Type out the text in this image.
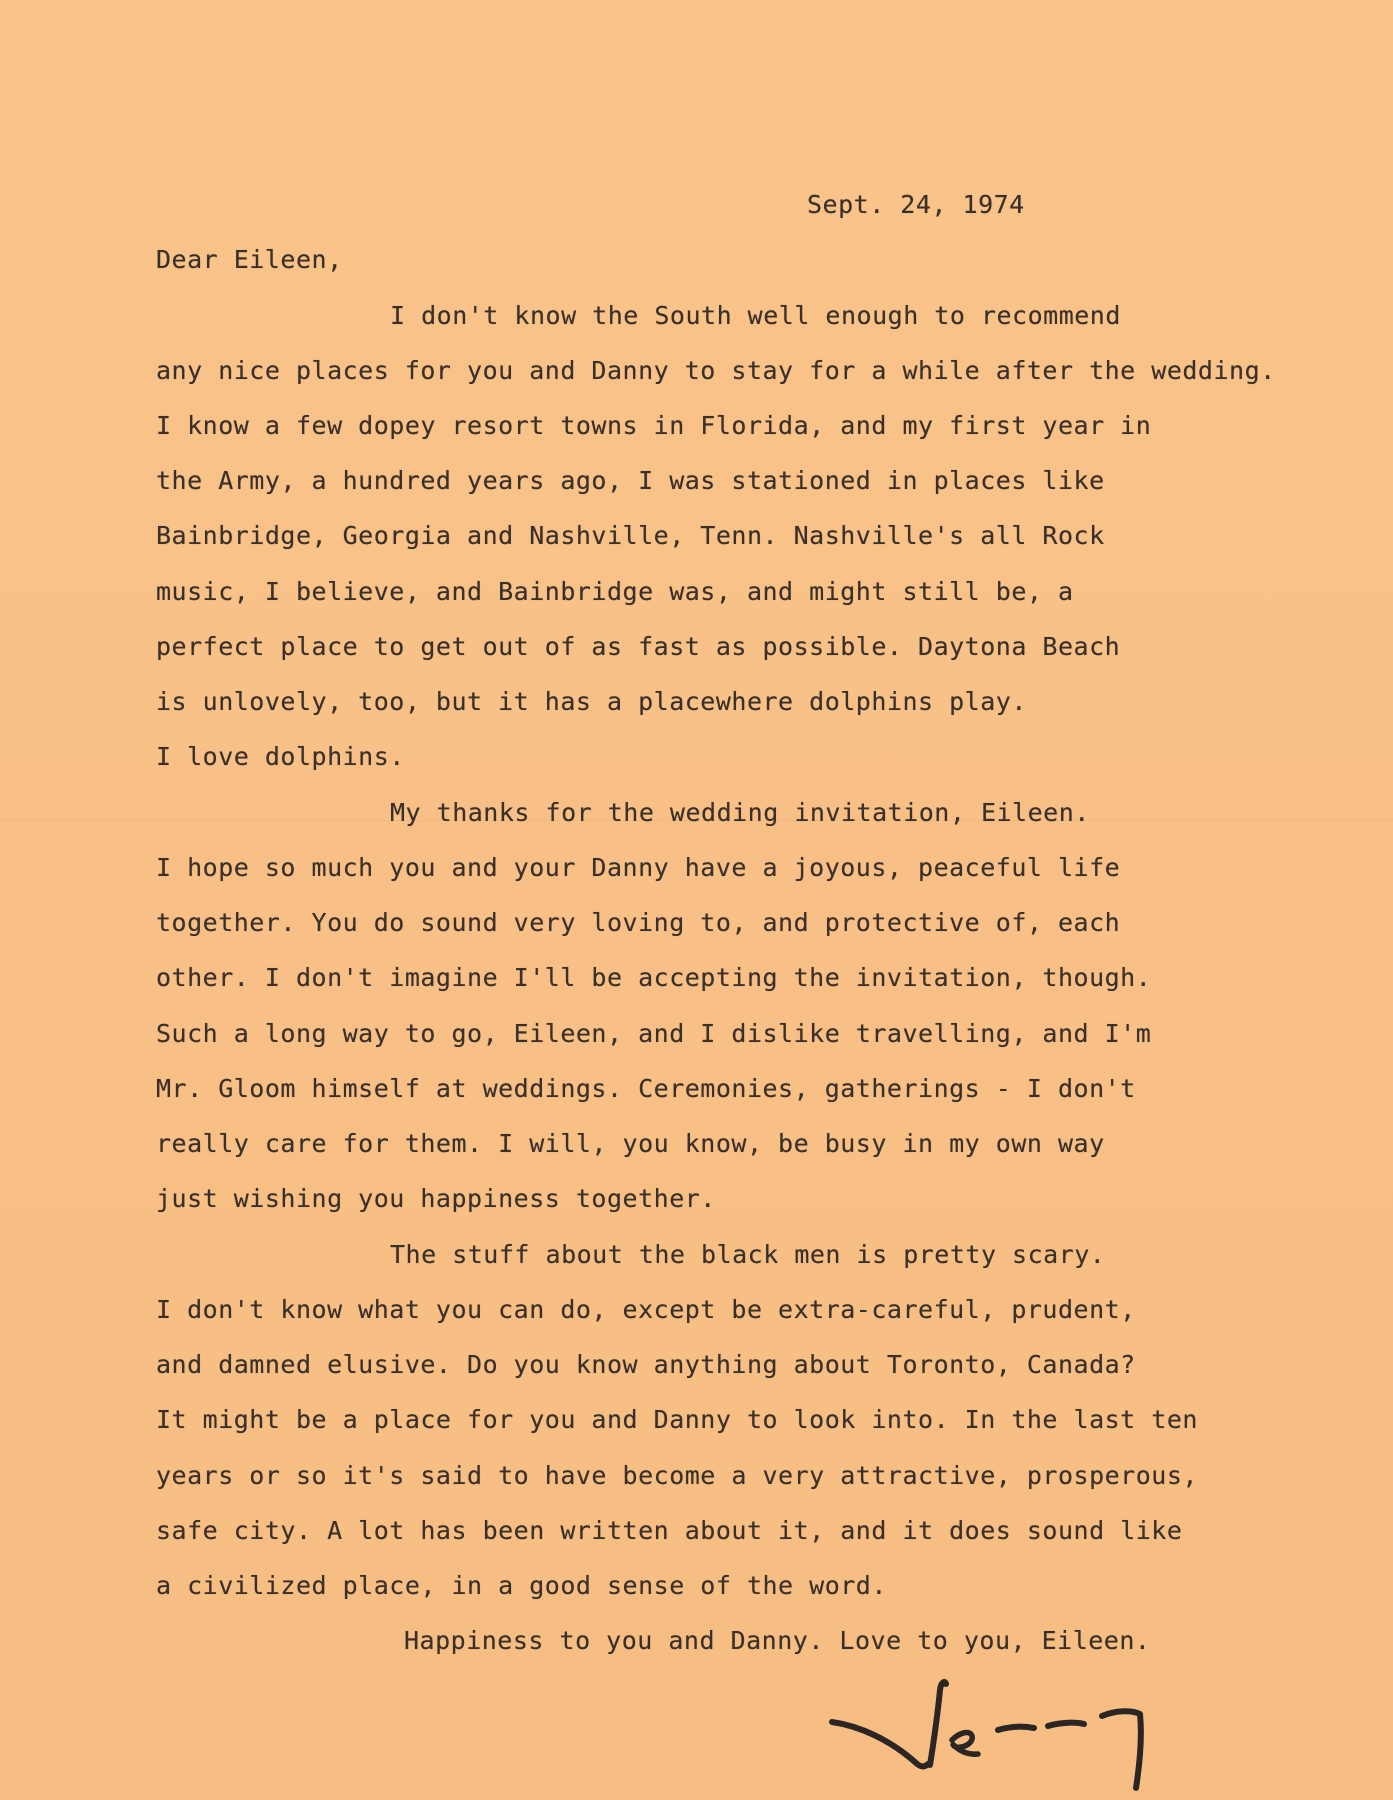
Sept. 24, 1974

Dear Eileen,

I don't know the South well enough to recommend

any nice places for you and Danny to stay for a while after the wedding.

I know a few dopey resort towns in Florida, and my first year in

the Army, a hundred years ago, I was stationed in places like

Bainbridge, Georgia and Nashville, Tenn. Nashville's all Rock

music, I believe, and Bainbridge was, and might still be, a

perfect place to get out of as fast as possible. Daytona Beach

is unlovely, too, but it has a placewhere dolphins play.

I love dolphins.

My thanks for the wedding invitation, Eileen.

I hope so much you and your Danny have a joyous, peaceful life

together. You do sound very loving to, and protective of, each

other. I don't imagine I'll be accepting the invitation, though.

Such a long way to go, Eileen, and I dislike travelling, and I'm

Mr. Gloom himself at weddings. Ceremonies, gatherings - I don't

really care for them. I will, you know, be busy in my own way

just wishing you happiness together.

The stuff about the black men is pretty scary.

I don't know what you can do, except be extra-careful, prudent,

and damned elusive. Do you know anything about Toronto, Canada?

It might be a place for you and Danny to look into. In the last ten

years or so it's said to have become a very attractive, prosperous,

safe city. A lot has been written about it, and it does sound like

a civilized place, in a good sense of the word.

Happiness to you and Danny. Love to you, Eileen.
